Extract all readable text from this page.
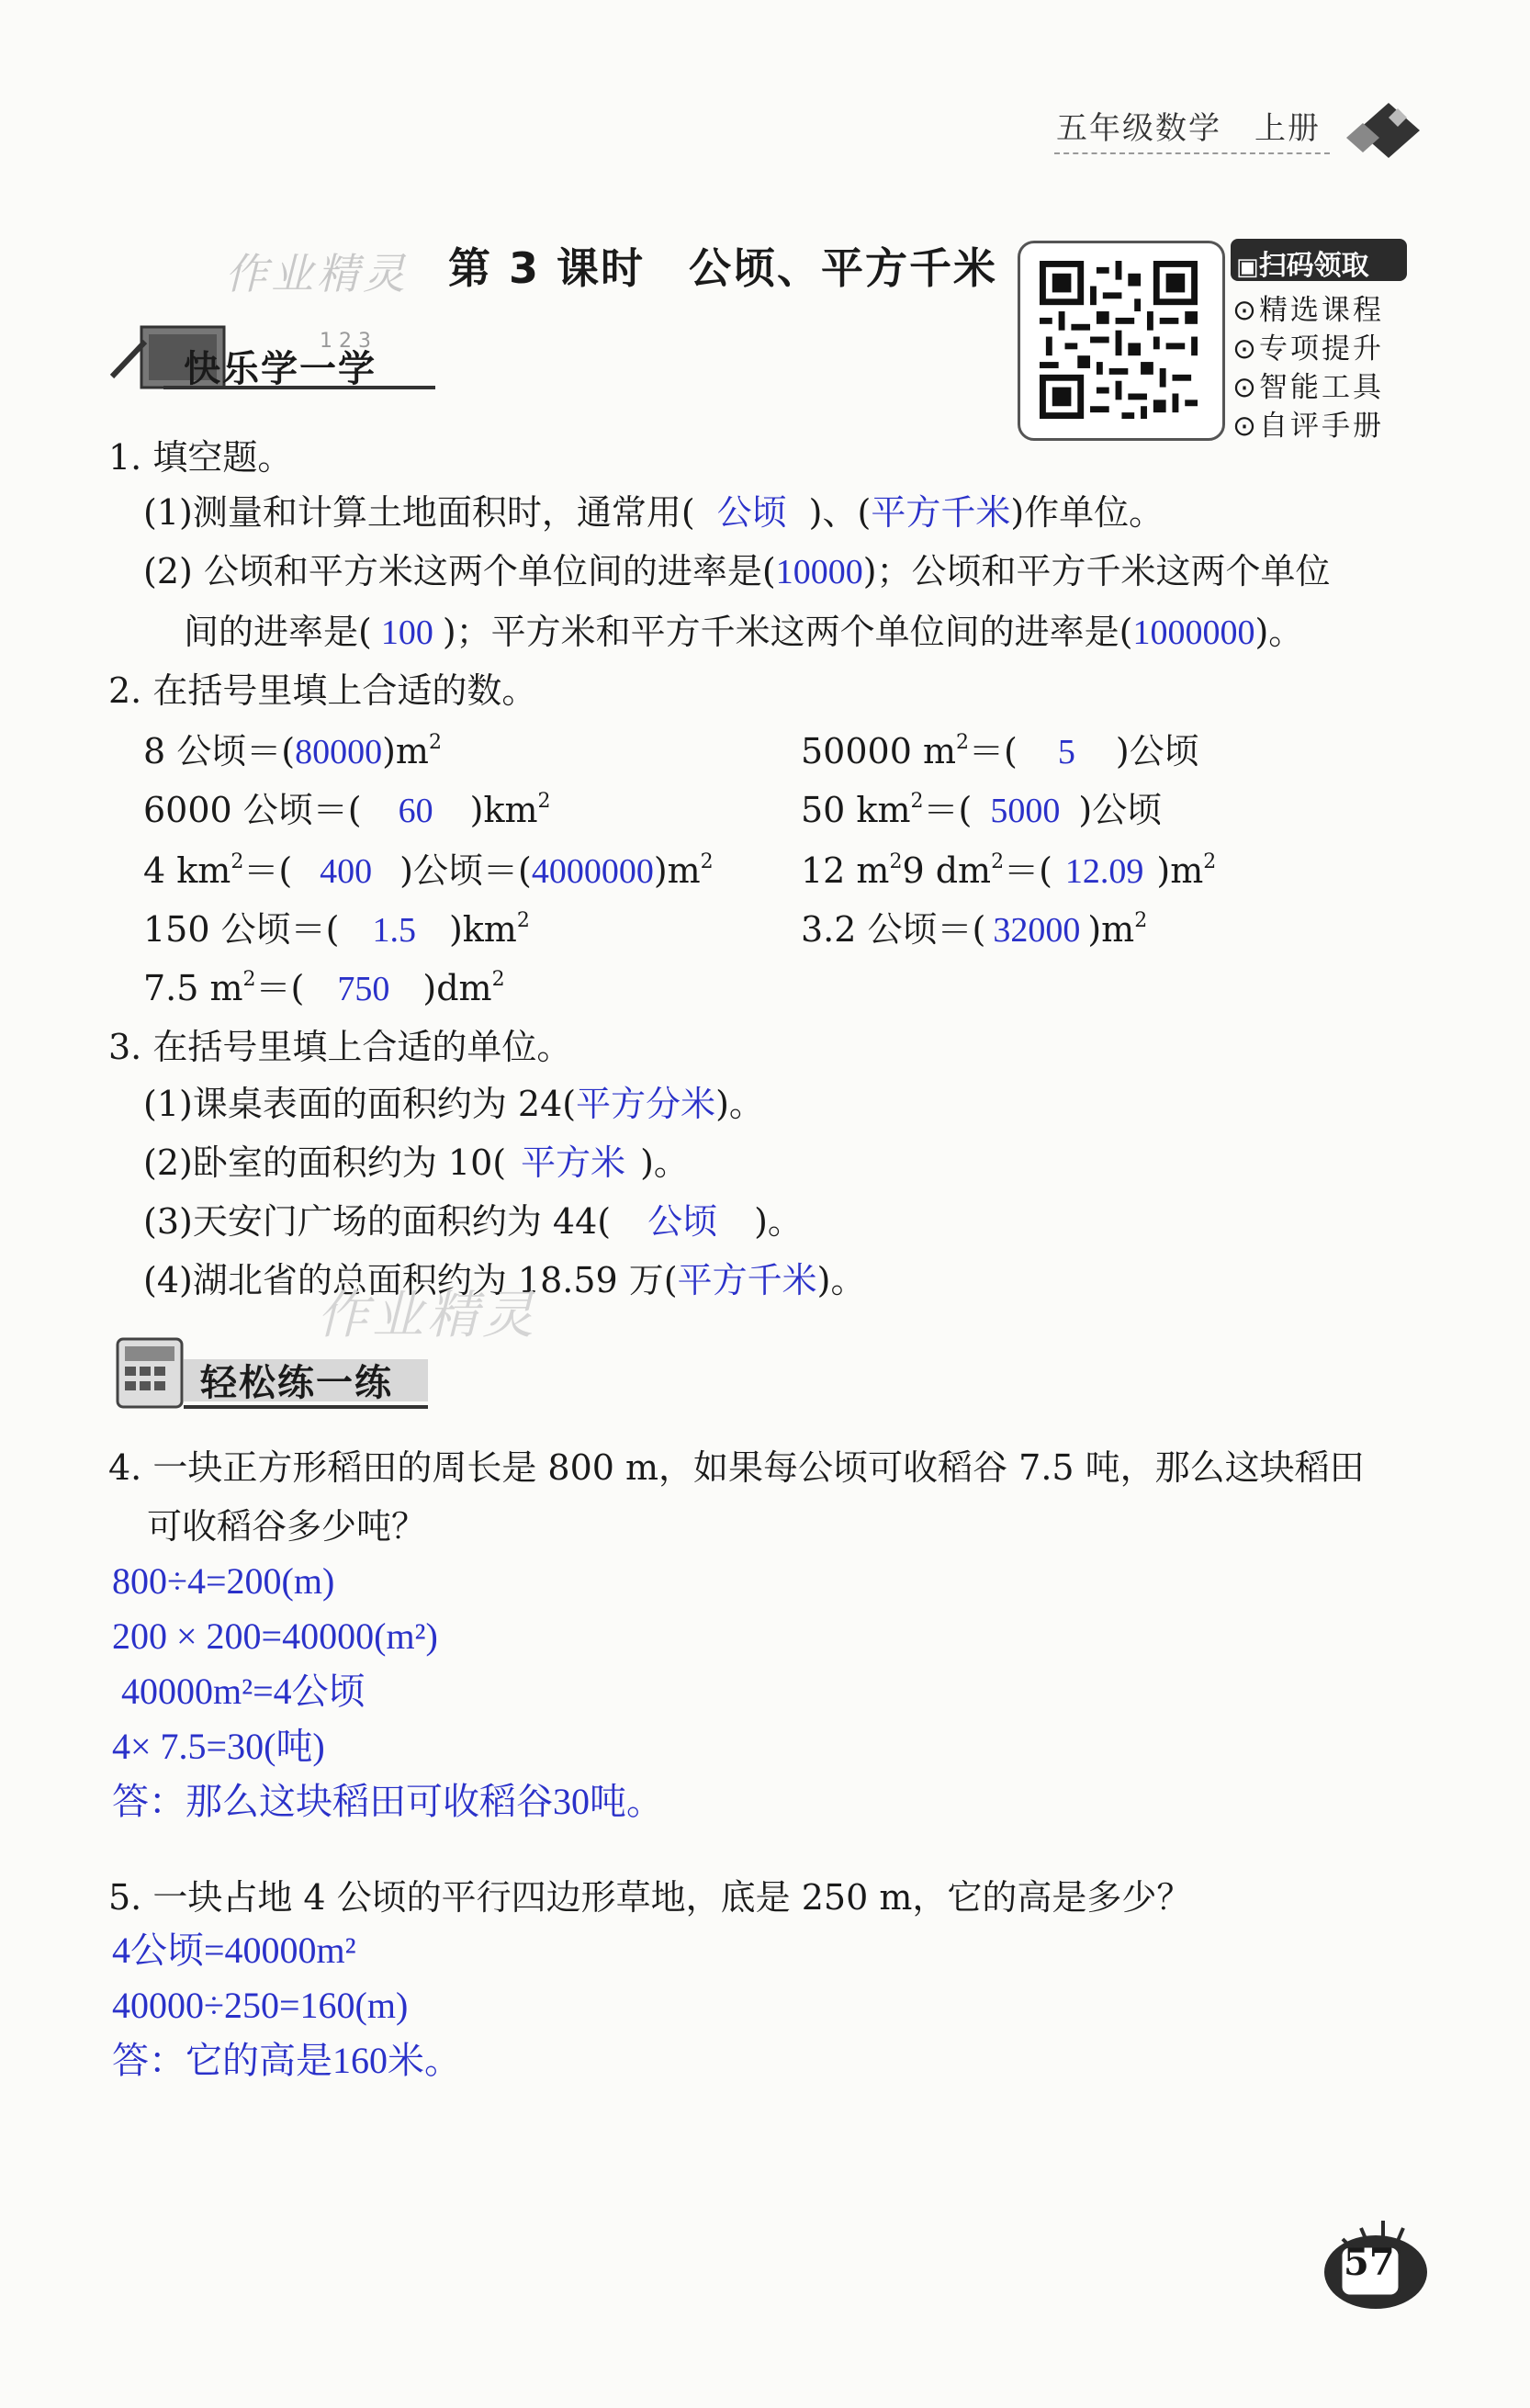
五年级数学　 上册
作业精灵 第 3 课时　公顷、平方千米	▣扫码领取
⊙精选课程
⊙专项提升
⊙智能工具
⊙自评手册
1 2 3
快乐学一学
1. 填空题。
(1)测量和计算土地面积时，通常用( 公顷 )、(平方千米)作单位。
(2) 公顷和平方米这两个单位间的进率是(10000)；公顷和平方千米这两个单位
间的进率是( 100 )；平方米和平方千米这两个单位间的进率是(1000000)。
2. 在括号里填上合适的数。
8 公顷$=(80000)m^2$	50000 $m^2=$( 5 )公顷
6000 公顷＝( 60 )$km^2$	50 $km^2=$( 5000 )公顷
4 $km^2=$( 400 )公顷$=(4000000)m^2$	12 $m^29$ $dm^2=$( 12.09 )$m^2$
150 公顷＝( 1.5 )$km^2$	3.2 公顷＝( 32000 )$m^2$
7.5 $m^2=$( 750 )$dm^2$
3. 在括号里填上合适的单位。
(1)课桌表面的面积约为 24(平方分米)。
(2)卧室的面积约为 10( 平方米 )。
(3)天安门广场的面积约为 44( 公顷 )。
(4)湖北省的总面积约为 18.59 万(平方千米)。
作业精灵
轻松练一练
4. 一块正方形稻田的周长是 800 m，如果每公顷可收稻谷 7.5 吨，那么这块稻田
可收稻谷多少吨？
800÷4=200(m)
200 × 200=40000(m²)
40000m²=4公顷
4× 7.5=30(吨)
答：那么这块稻田可收稻谷30吨。
5. 一块占地 4 公顷的平行四边形草地，底是 250 m，它的高是多少？
4公顷=40000m²
40000÷250=160(m)
答：它的高是160米。
57
